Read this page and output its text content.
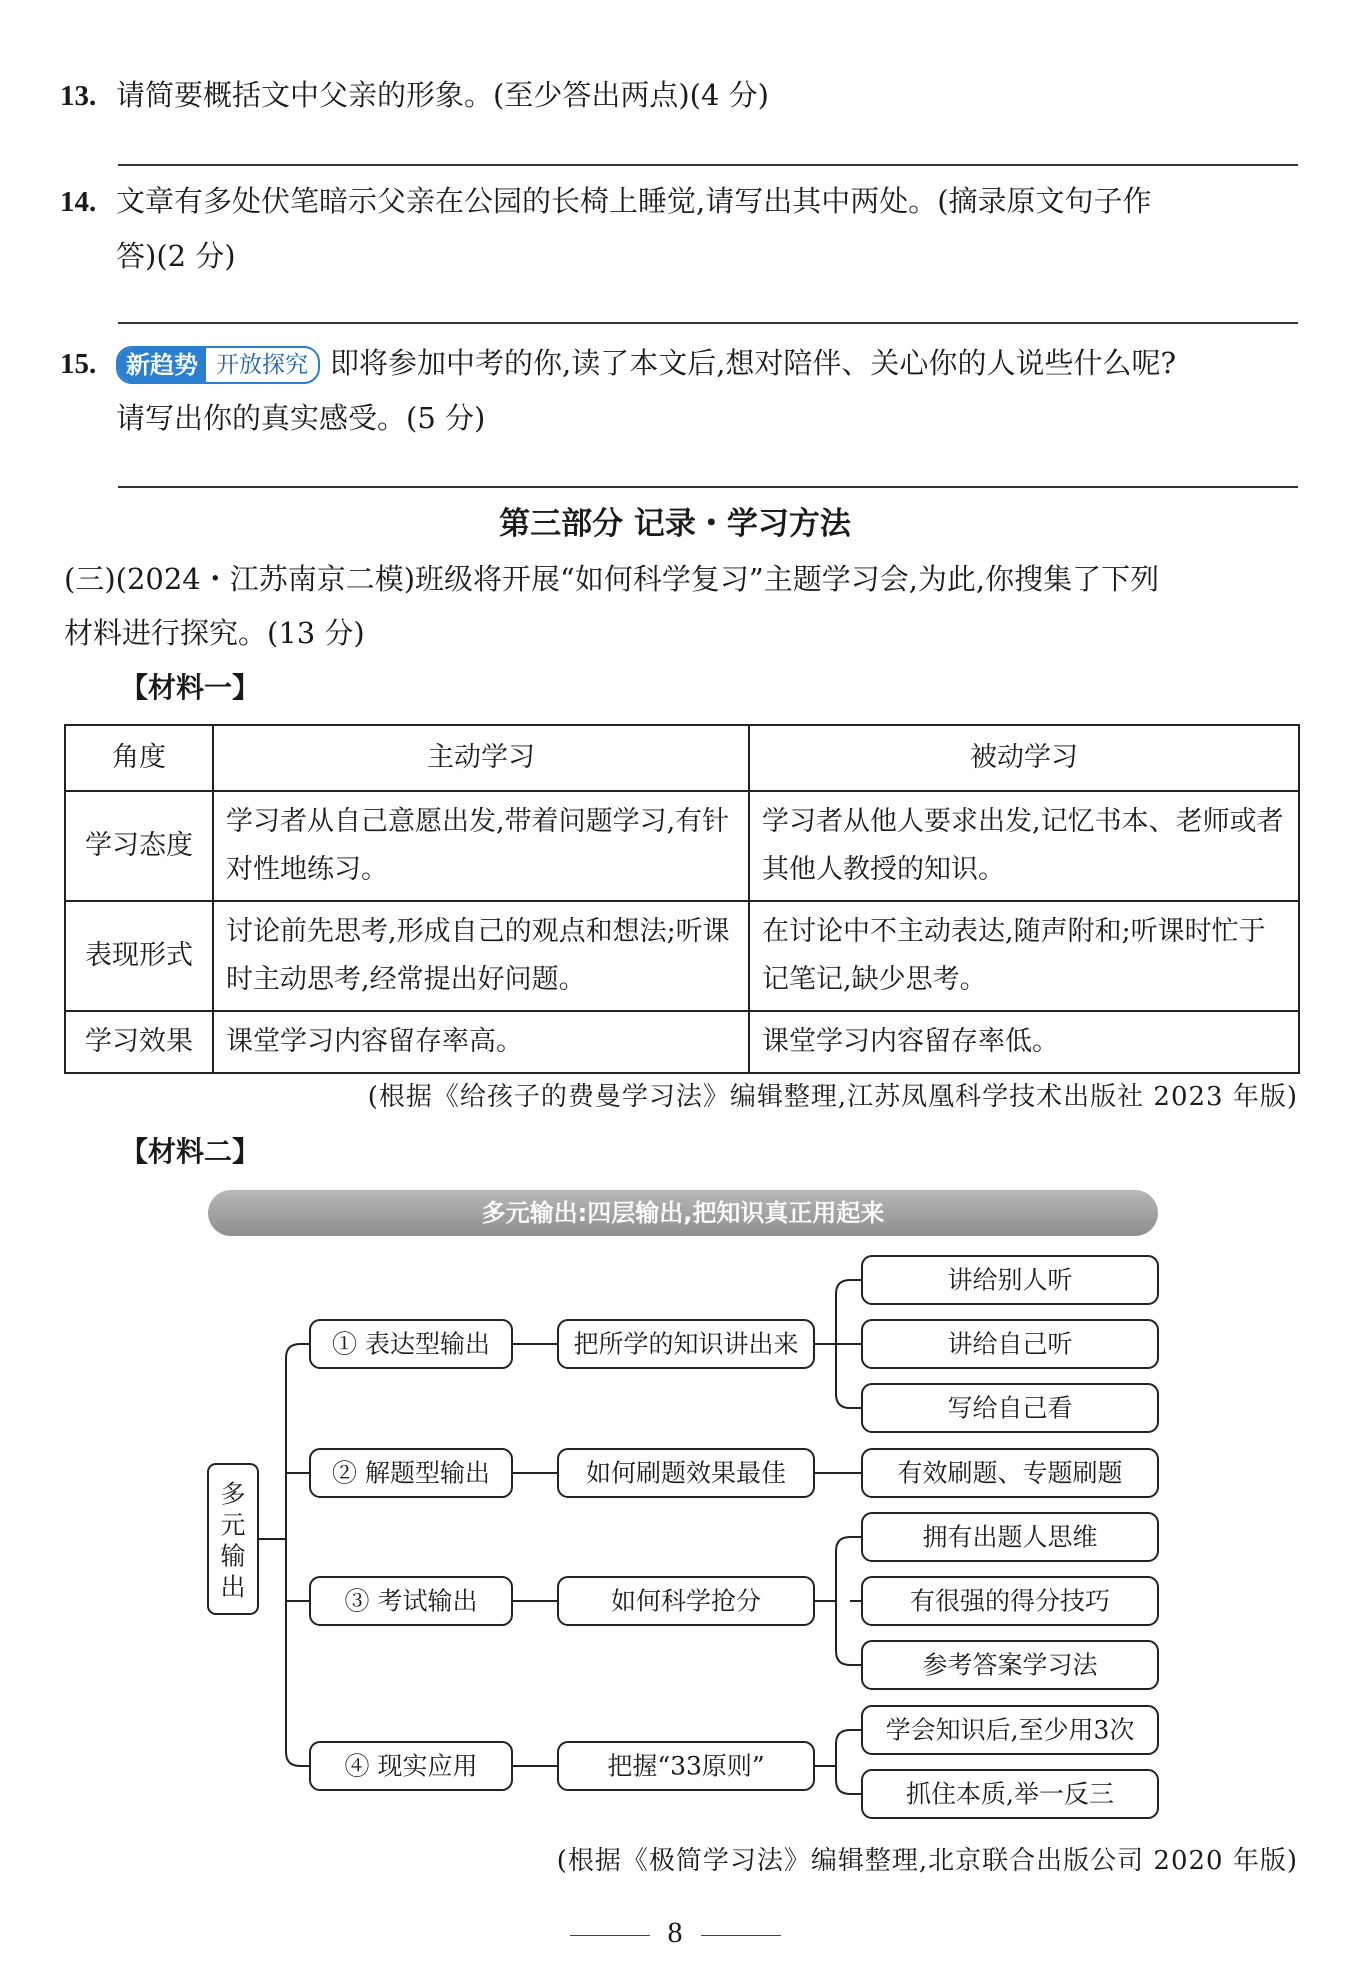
13. 请简要概括文中父亲的形象。(至少答出两点)(4 分)
14. 文章有多处伏笔暗示父亲在公园的长椅上睡觉,请写出其中两处。(摘录原文句子作
答)(2 分)
15.	新趋势 开放探究 即将参加中考的你,读了本文后,想对陪伴、关心你的人说些什么呢?
请写出你的真实感受。(5 分)
第三部分 记录・学习方法
(三)(2024・江苏南京二模)班级将开展“如何科学复习”主题学习会,为此,你搜集了下列
材料进行探究。(13 分)
【材料一】
角度	主动学习	被动学习
学习态度	学习者从自己意愿出发,带着问题学习,有针对性地练习。	学习者从他人要求出发,记忆书本、老师或者其他人教授的知识。
表现形式	讨论前先思考,形成自己的观点和想法;听课时主动思考,经常提出好问题。	在讨论中不主动表达,随声附和;听课时忙于记笔记,缺少思考。
学习效果	课堂学习内容留存率高。	课堂学习内容留存率低。
(根据《给孩子的费曼学习法》编辑整理,江苏凤凰科学技术出版社 2023 年版)
【材料二】
多元输出:四层输出,把知识真正用起来
多
元
输
出
① 表达型输出
② 解题型输出
③ 考试输出
④ 现实应用
把所学的知识讲出来
如何刷题效果最佳
如何科学抢分
把握“33原则”
讲给别人听
讲给自己听
写给自己看
有效刷题、专题刷题
拥有出题人思维
有很强的得分技巧
参考答案学习法
学会知识后,至少用3次
抓住本质,举一反三
(根据《极简学习法》编辑整理,北京联合出版公司 2020 年版)
8
